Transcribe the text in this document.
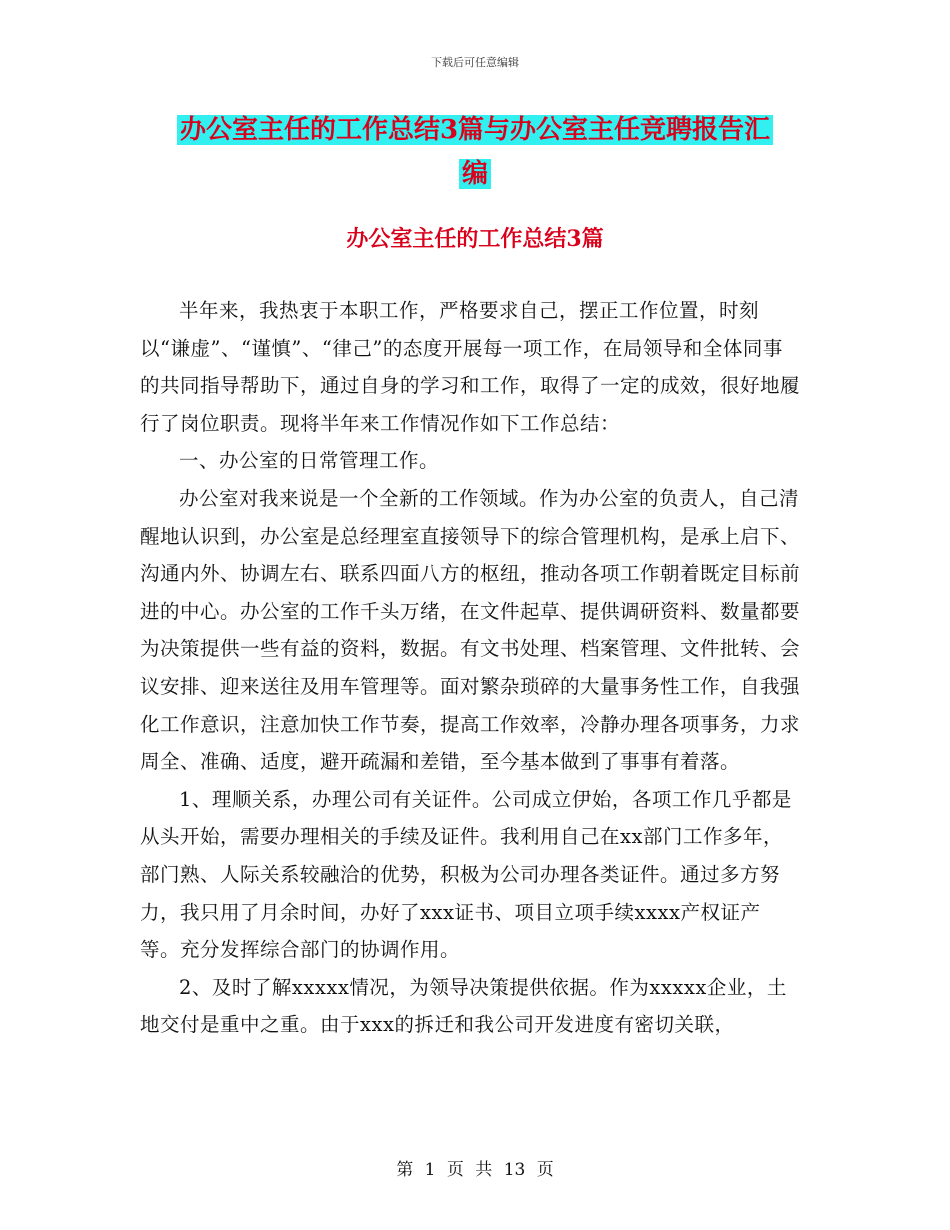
下载后可任意编辑
办公室主任的工作总结3篇与办公室主任竞聘报告汇
编
办公室主任的工作总结3篇

半年来，我热衷于本职工作，严格要求自己，摆正工作位置，时刻以“谦虚”、“谨慎”、“律己”的态度开展每一项工作，在局领导和全体同事的共同指导帮助下，通过自身的学习和工作，取得了一定的成效，很好地履行了岗位职责。现将半年来工作情况作如下工作总结：

一、办公室的日常管理工作。

办公室对我来说是一个全新的工作领域。作为办公室的负责人，自己清醒地认识到，办公室是总经理室直接领导下的综合管理机构，是承上启下、沟通内外、协调左右、联系四面八方的枢纽，推动各项工作朝着既定目标前进的中心。办公室的工作千头万绪，在文件起草、提供调研资料、数量都要为决策提供一些有益的资料，数据。有文书处理、档案管理、文件批转、会议安排、迎来送往及用车管理等。面对繁杂琐碎的大量事务性工作，自我强化工作意识，注意加快工作节奏，提高工作效率，冷静办理各项事务，力求周全、准确、适度，避开疏漏和差错，至今基本做到了事事有着落。

1、理顺关系，办理公司有关证件。公司成立伊始，各项工作几乎都是从头开始，需要办理相关的手续及证件。我利用自己在xx部门工作多年，部门熟、人际关系较融洽的优势，积极为公司办理各类证件。通过多方努力，我只用了月余时间，办好了xxx证书、项目立项手续xxxx产权证产等。充分发挥综合部门的协调作用。

2、及时了解xxxxx情况，为领导决策提供依据。作为xxxxx企业，土地交付是重中之重。由于xxx的拆迁和我公司开发进度有密切关联，

第 1 页 共 13 页
